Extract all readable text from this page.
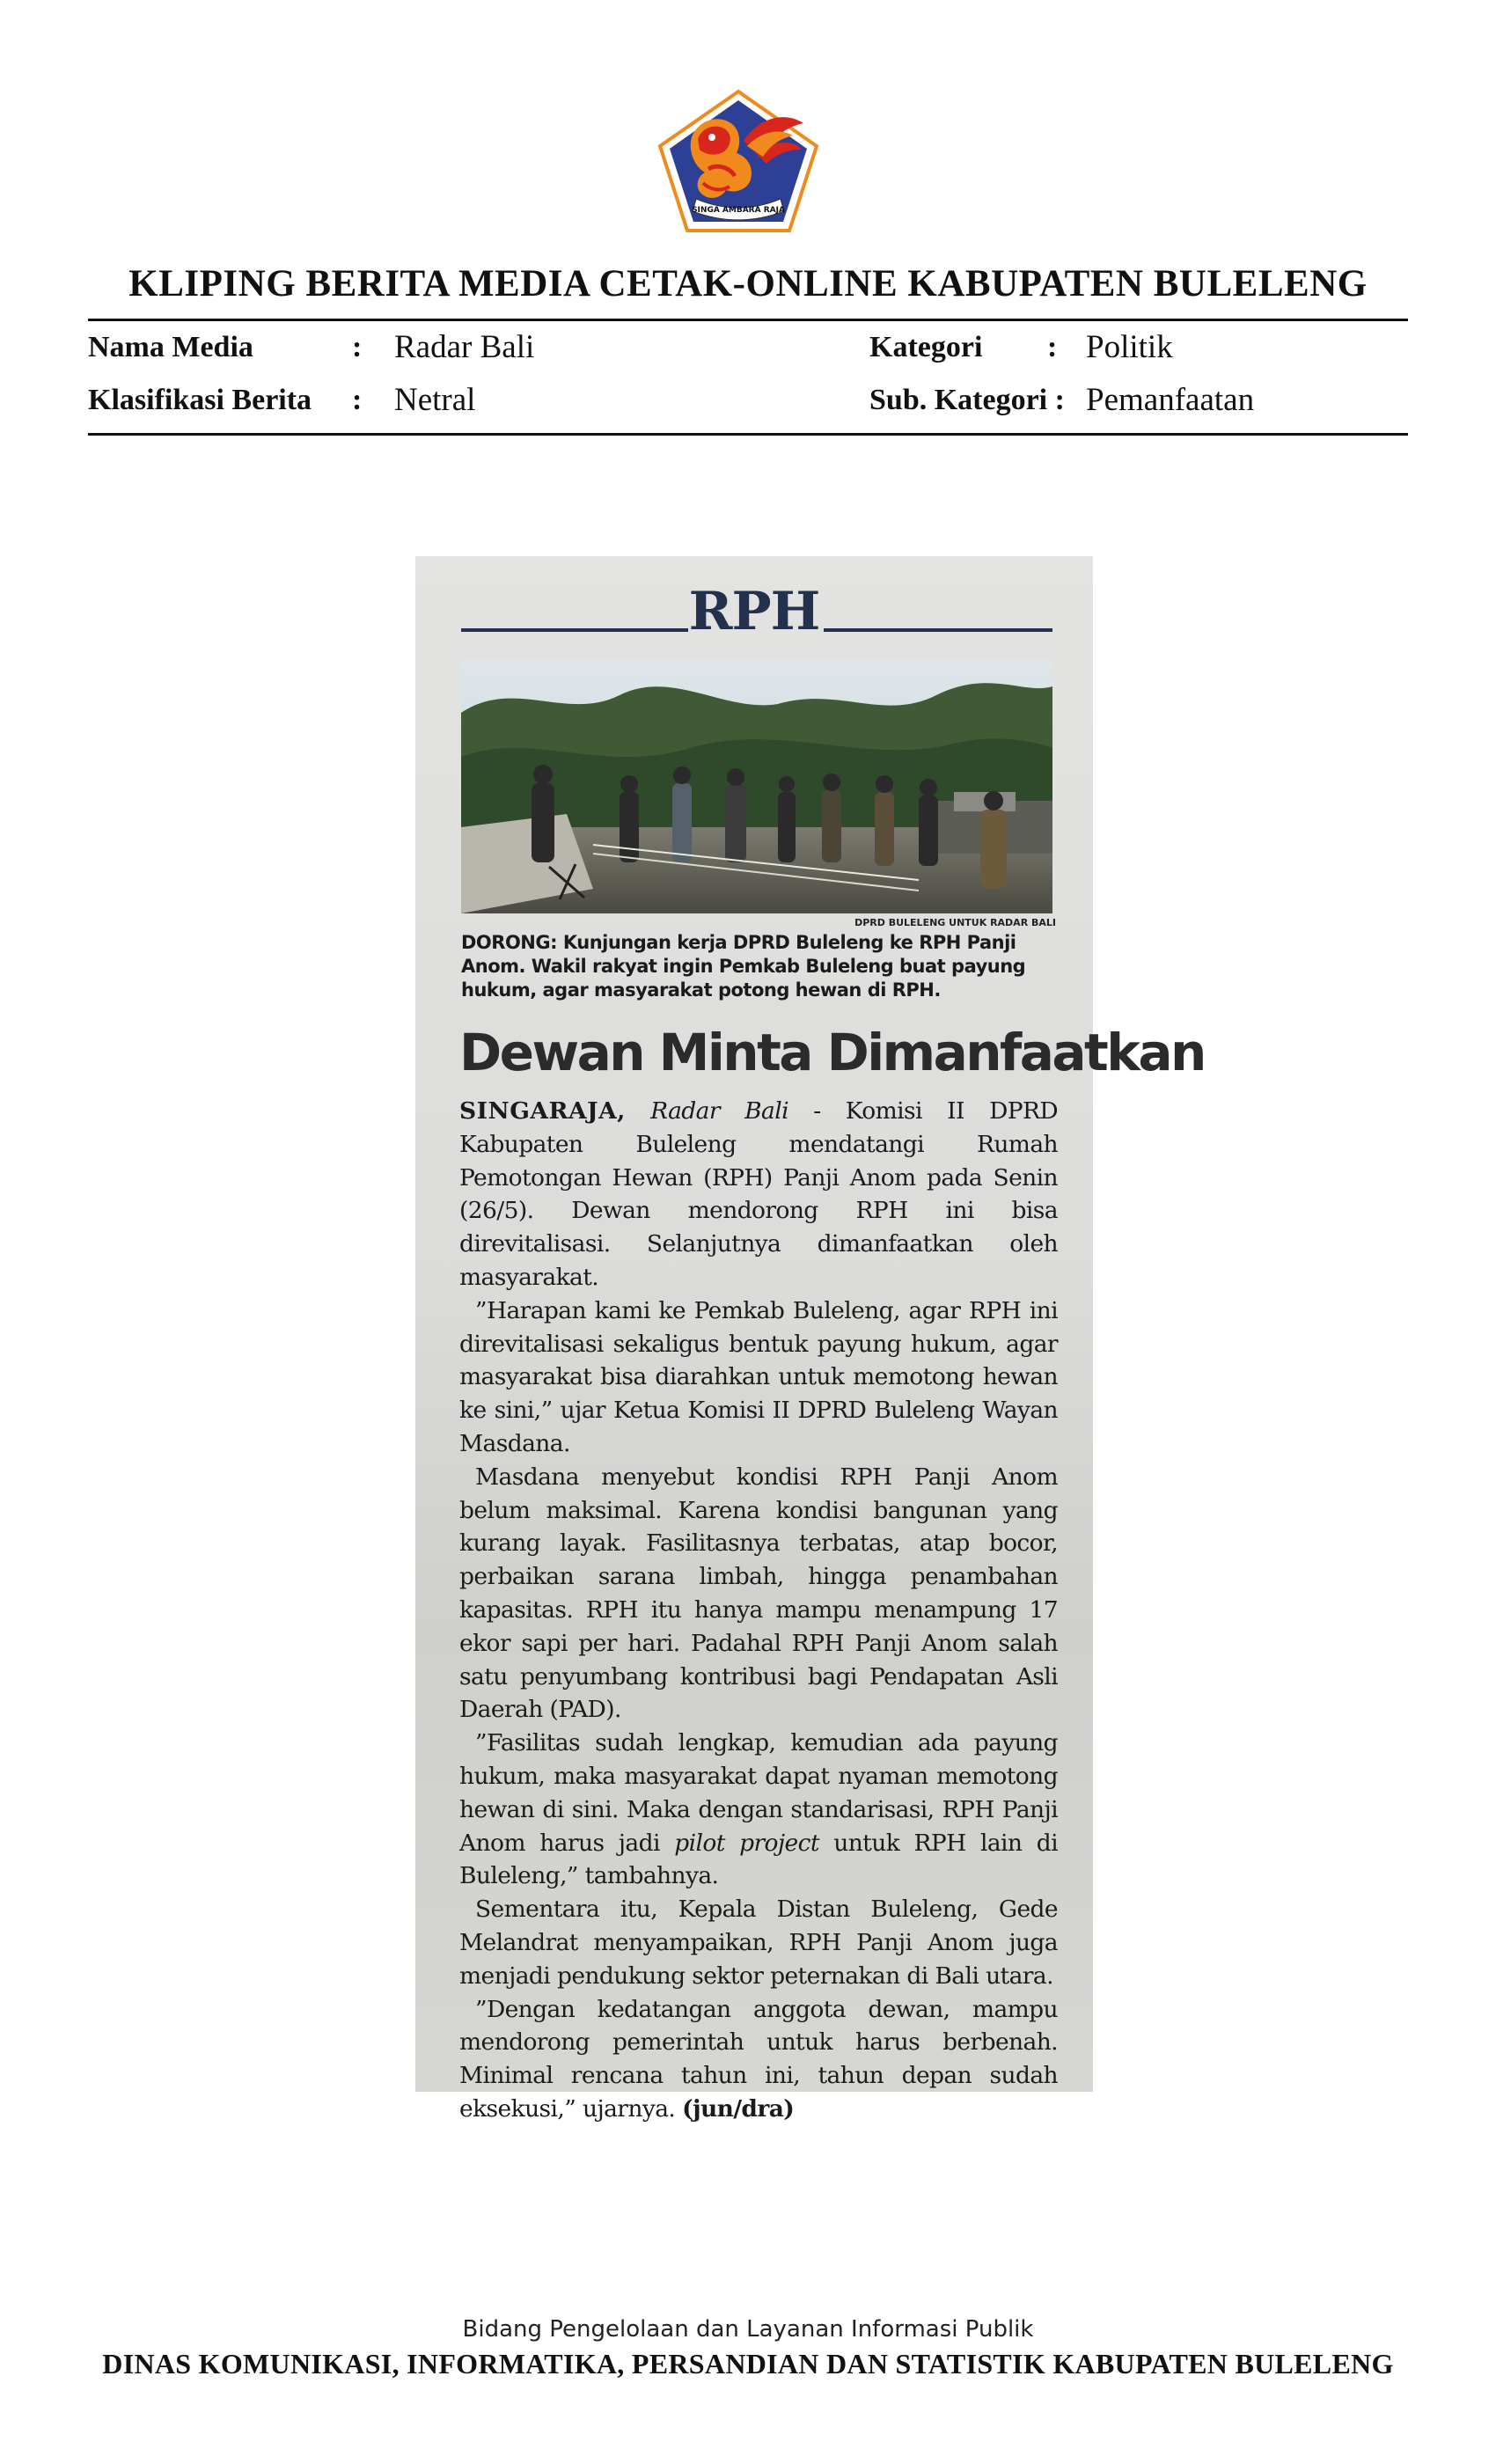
SINGA AMBARA RAJA
KLIPING BERITA MEDIA CETAK-ONLINE KABUPATEN BULELENG
Nama Media	: Radar Bali	Kategori : Politik
Klasifikasi Berita : Netral	Sub. Kategori : Pemanfaatan
RPH
DPRD BULELENG UNTUK RADAR BALI
DORONG: Kunjungan kerja DPRD Buleleng ke RPH Panji Anom. Wakil rakyat ingin Pemkab Buleleng buat payung hukum, agar masyarakat potong hewan di RPH.
Dewan Minta Dimanfaatkan

SINGARAJA, Radar Bali - Komisi II DPRD Kabupaten Buleleng mendatangi Rumah Pemotongan Hewan (RPH) Panji Anom pada Senin (26/5). Dewan mendorong RPH ini bisa direvitalisasi. Selanjutnya dimanfaatkan oleh masyarakat.

”Harapan kami ke Pemkab Buleleng, agar RPH ini direvitalisasi sekaligus bentuk payung hukum, agar masyarakat bisa diarahkan untuk memotong hewan ke sini,” ujar Ketua Komisi II DPRD Buleleng Wayan Masdana.

Masdana menyebut kondisi RPH Panji Anom belum maksimal. Karena kondisi bangunan yang kurang layak. Fasilitasnya terbatas, atap bocor, perbaikan sarana limbah, hingga penambahan kapasitas. RPH itu hanya mampu menampung 17 ekor sapi per hari. Padahal RPH Panji Anom salah satu penyumbang kontribusi bagi Pendapatan Asli Daerah (PAD).

”Fasilitas sudah lengkap, kemudian ada payung hukum, maka masyarakat dapat nyaman memotong hewan di sini. Maka dengan standarisasi, RPH Panji Anom harus jadi pilot project untuk RPH lain di Buleleng,” tambahnya.

Sementara itu, Kepala Distan Buleleng, Gede Melandrat menyampaikan, RPH Panji Anom juga menjadi pendukung sektor peternakan di Bali utara.

”Dengan kedatangan anggota dewan, mampu mendorong pemerintah untuk harus berbenah. Minimal rencana tahun ini, tahun depan sudah eksekusi,” ujarnya. (jun/dra)

Bidang Pengelolaan dan Layanan Informasi Publik
DINAS KOMUNIKASI, INFORMATIKA, PERSANDIAN DAN STATISTIK KABUPATEN BULELENG
